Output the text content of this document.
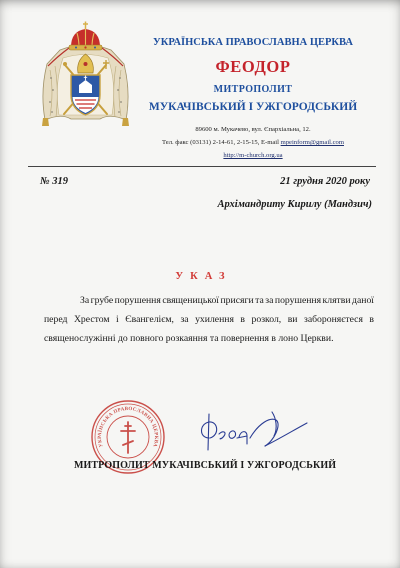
УКРАЇНСЬКА ПРАВОСЛАВНА ЦЕРКВА
ФЕОДОР
МИТРОПОЛИТ
МУКАЧІВСЬКИЙ І УЖГОРОДСЬКИЙ
89600 м. Мукачево, вул. Єпархіальна, 12.
Тел. факс (03131) 2-14-61, 2-15-15, E-mail mpeinform@gmail.com
http://m-church.org.ua
№ 319	21 грудня 2020 року
Архімандриту Кирилу (Мандзич)
УКАЗ
За грубе порушення священицької присяги та за порушення клятви даної
перед Хрестом і Євангелієм, за ухилення в розкол, ви забороняєтеся в
священослужінні до повного розкаяння та повернення в лоно Церкви.
МИТРОПОЛИТ МУКАЧІВСЬКИЙ І УЖГОРОДСЬКИЙ
УКРАЇНСЬКА ПРАВОСЛАВНА ЦЕРКВА
